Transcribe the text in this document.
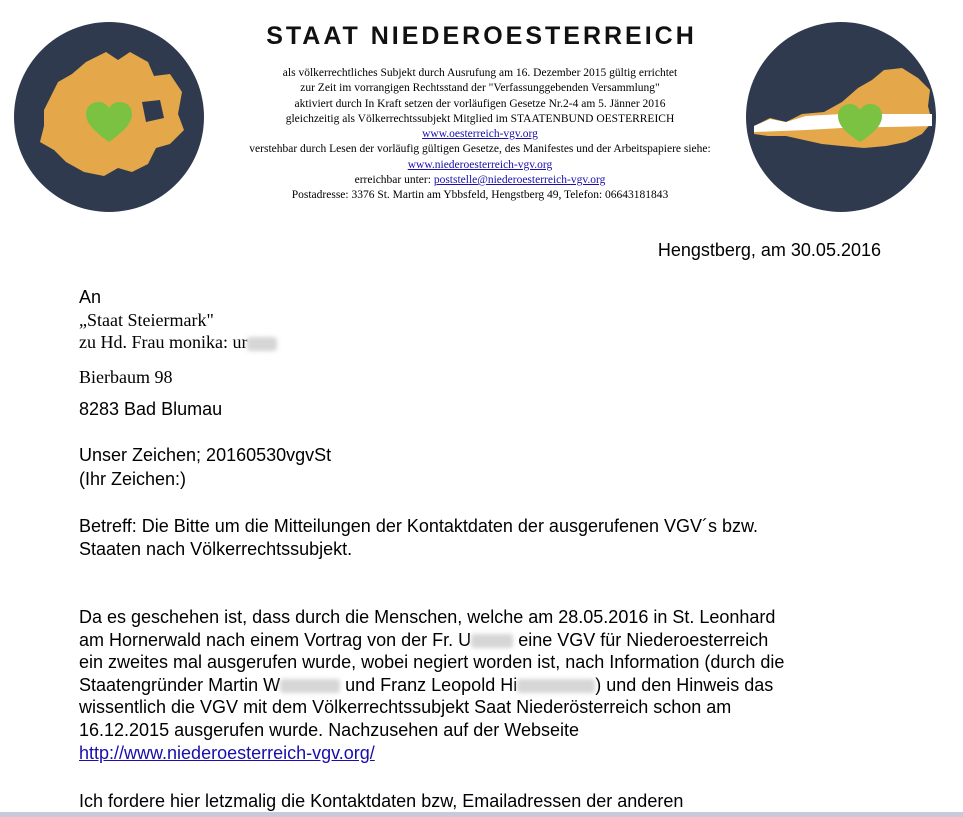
STAAT NIEDEROESTERREICH
als völkerrechtliches Subjekt durch Ausrufung am 16. Dezember 2015 gültig errichtet
zur Zeit im vorrangigen Rechtsstand der "Verfassunggebenden Versammlung"
aktiviert durch In Kraft setzen der vorläufigen Gesetze Nr.2-4 am 5. Jänner 2016
gleichzeitig als Völkerrechtssubjekt Mitglied im STAATENBUND OESTERREICH
www.oesterreich-vgv.org
verstehbar durch Lesen der vorläufig gültigen Gesetze, des Manifestes und der Arbeitspapiere siehe:
www.niederoesterreich-vgv.org
erreichbar unter: poststelle@niederoesterreich-vgv.org
Postadresse: 3376 St. Martin am Ybbsfeld, Hengstberg 49, Telefon: 06643181843
Hengstberg, am 30.05.2016
An
„Staat Steiermark"
zu Hd. Frau monika: ur
Bierbaum 98
8283 Bad Blumau
Unser Zeichen; 20160530vgvSt
(Ihr Zeichen:)
Betreff: Die Bitte um die Mitteilungen der Kontaktdaten der ausgerufenen VGV´s bzw.
Staaten nach Völkerrechtssubjekt.
Da es geschehen ist, dass durch die Menschen, welche am 28.05.2016 in St. Leonhard
am Hornerwald nach einem Vortrag von der Fr. U eine VGV für Niederoesterreich
ein zweites mal ausgerufen wurde, wobei negiert worden ist, nach Information (durch die
Staatengründer Martin W	und Franz Leopold Hi	) und den Hinweis das
wissentlich die VGV mit dem Völkerrechtssubjekt Saat Niederösterreich schon am
16.12.2015 ausgerufen wurde. Nachzusehen auf der Webseite
http://www.niederoesterreich-vgv.org/
Ich fordere hier letzmalig die Kontaktdaten bzw, Emailadressen der anderen
